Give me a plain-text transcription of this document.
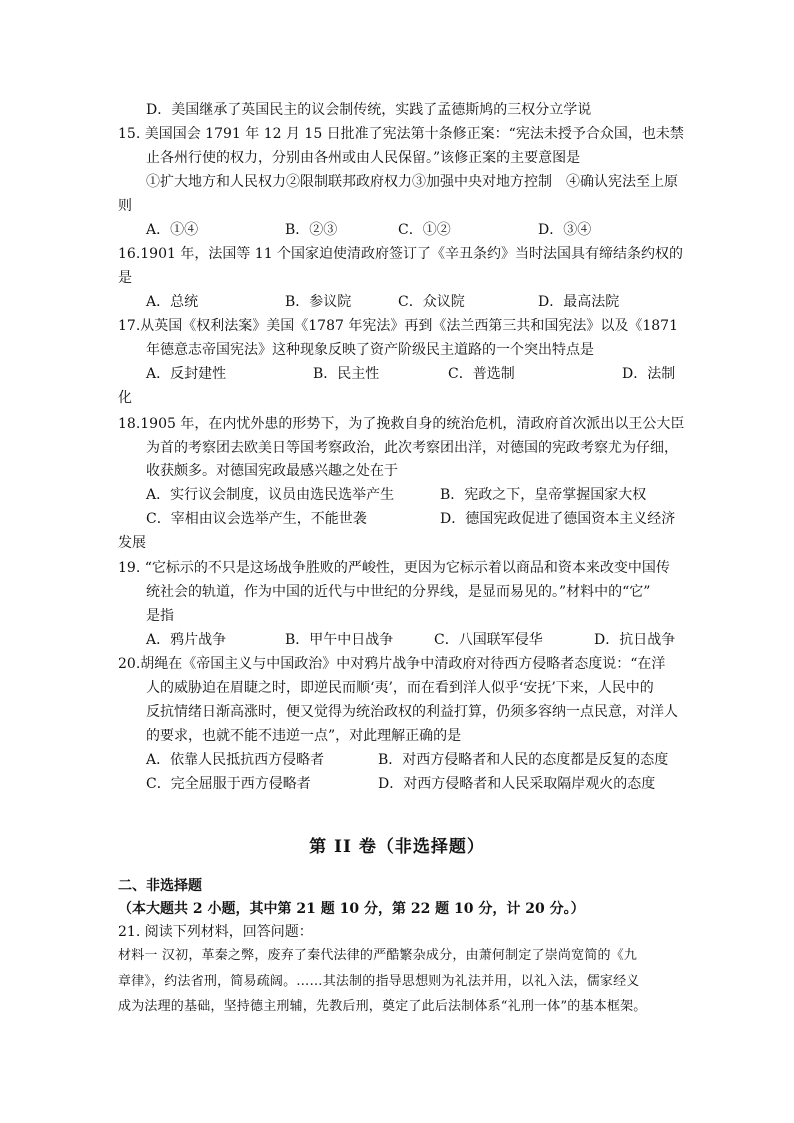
D．美国继承了英国民主的议会制传统，实践了孟德斯鸠的三权分立学说
15. 美国国会 1791 年 12 月 15 日批准了宪法第十条修正案：“宪法未授予合众国，也未禁
止各州行使的权力，分别由各州或由人民保留。”该修正案的主要意图是
①扩大地方和人民权力②限制联邦政府权力③加强中央对地方控制　④确认宪法至上原
则
A．①④	B．②③	C．①②	D．③④
16.1901 年，法国等 11 个国家迫使清政府签订了《辛丑条约》当时法国具有缔结条约权的
是
A．总统	B．参议院	C．众议院	D．最高法院
17.从英国《权利法案》美国《1787 年宪法》再到《法兰西第三共和国宪法》以及《1871
年德意志帝国宪法》这种现象反映了资产阶级民主道路的一个突出特点是
A．反封建性	B．民主性	C．普选制	D．法制
化
18.1905 年，在内忧外患的形势下，为了挽救自身的统治危机，清政府首次派出以王公大臣
为首的考察团去欧美日等国考察政治，此次考察团出洋，对德国的宪政考察尤为仔细，
收获颇多。对德国宪政最感兴趣之处在于
A．实行议会制度，议员由选民选举产生	B．宪政之下，皇帝掌握国家大权
C．宰相由议会选举产生，不能世袭	D．德国宪政促进了德国资本主义经济
发展
19. “它标示的不只是这场战争胜败的严峻性，更因为它标示着以商品和资本来改变中国传
统社会的轨道，作为中国的近代与中世纪的分界线，是显而易见的。”材料中的“它”
是指
A．鸦片战争	B．甲午中日战争	C．八国联军侵华	D．抗日战争
20.胡绳在《帝国主义与中国政治》中对鸦片战争中清政府对待西方侵略者态度说：“在洋
人的威胁迫在眉睫之时，即逆民而顺‘夷’，而在看到洋人似乎‘安抚’下来，人民中的
反抗情绪日渐高涨时，便又觉得为统治政权的利益打算，仍须多容纳一点民意，对洋人
的要求，也就不能不违逆一点”，对此理解正确的是
A．依靠人民抵抗西方侵略者	B．对西方侵略者和人民的态度都是反复的态度
C．完全屈服于西方侵略者	D．对西方侵略者和人民采取隔岸观火的态度
第 II 卷（非选择题）
二、非选择题
（本大题共 2 小题，其中第 21 题 10 分，第 22 题 10 分，计 20 分。）
21. 阅读下列材料，回答问题：
材料一 汉初，革秦之弊，废弃了秦代法律的严酷繁杂成分，由萧何制定了崇尚宽简的《九
章律》，约法省刑，简易疏阔。……其法制的指导思想则为礼法并用，以礼入法，儒家经义
成为法理的基础，坚持德主刑辅，先教后刑，奠定了此后法制体系“礼刑一体”的基本框架。
